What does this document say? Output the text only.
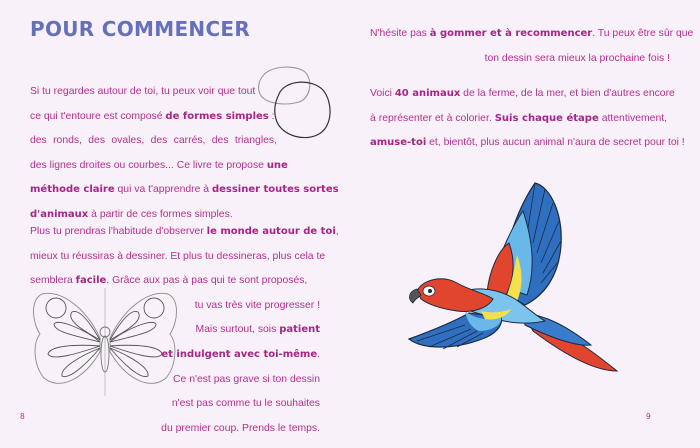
POUR COMMENCER
Si tu regardes autour de toi, tu peux voir que tout
ce qui t'entoure est composé de formes simples :
des ronds, des ovales, des carrés, des triangles,
des lignes droites ou courbes... Ce livre te propose une
méthode claire qui va t'apprendre à dessiner toutes sortes
d'animaux à partir de ces formes simples.
Plus tu prendras l'habitude d'observer le monde autour de toi,
mieux tu réussiras à dessiner. Et plus tu dessineras, plus cela te
semblera facile. Grâce aux pas à pas qui te sont proposés,
tu vas très vite progresser !
Mais surtout, sois patient
et indulgent avec toi-même.
Ce n'est pas grave si ton dessin
n'est pas comme tu le souhaites
du premier coup. Prends le temps.
8
N'hésite pas à gommer et à recommencer. Tu peux être sûr que
ton dessin sera mieux la prochaine fois !
Voici 40 animaux de la ferme, de la mer, et bien d'autres encore
à représenter et à colorier. Suis chaque étape attentivement,
amuse-toi et, bientôt, plus aucun animal n'aura de secret pour toi !
9
